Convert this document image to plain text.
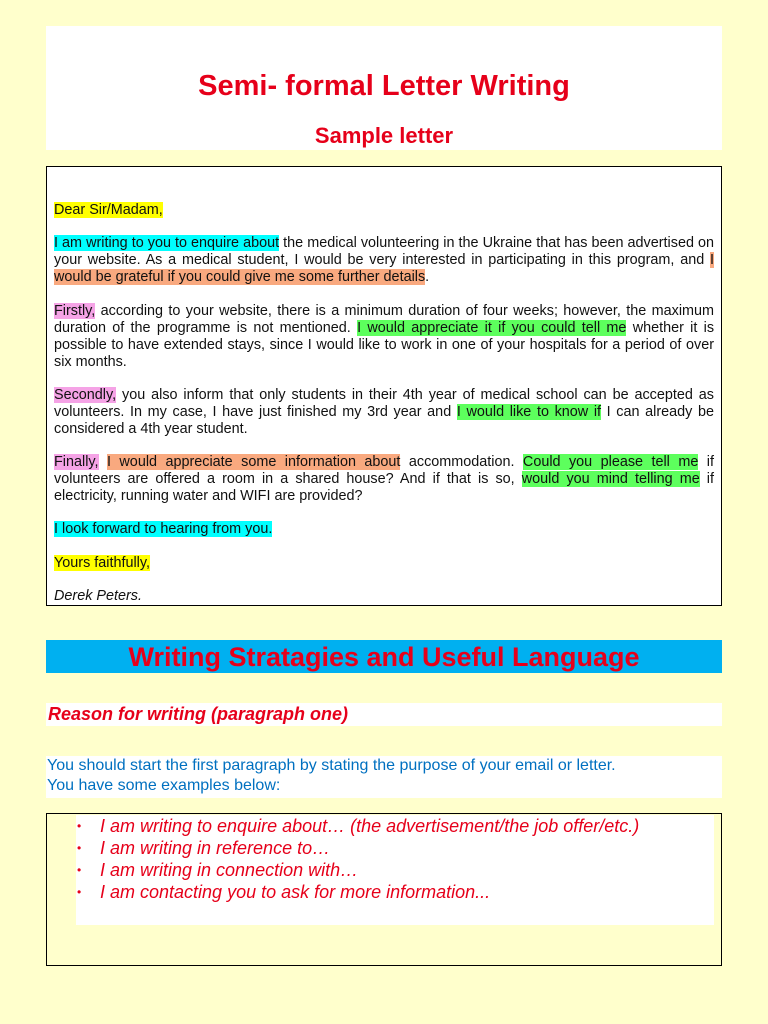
Semi- formal Letter Writing
Sample letter

Dear Sir/Madam,

I am writing to you to enquire about the medical volunteering in the Ukraine that has been advertised on your website. As a medical student, I would be very interested in participating in this program, and I would be grateful if you could give me some further details.

Firstly, according to your website, there is a minimum duration of four weeks; however, the maximum duration of the programme is not mentioned. I would appreciate it if you could tell me whether it is possible to have extended stays, since I would like to work in one of your hospitals for a period of over six months.

Secondly, you also inform that only students in their 4th year of medical school can be accepted as volunteers. In my case, I have just finished my 3rd year and I would like to know if I can already be considered a 4th year student.

Finally, I would appreciate some information about accommodation. Could you please tell me if volunteers are offered a room in a shared house? And if that is so, would you mind telling me if electricity, running water and WIFI are provided?

I look forward to hearing from you.

Yours faithfully,

Derek Peters.

Writing Stratagies and Useful Language
Reason for writing (paragraph one)
You should start the first paragraph by stating the purpose of your email or letter.
You have some examples below:
• I am writing to enquire about… (the advertisement/the job offer/etc.)
• I am writing in reference to…
• I am writing in connection with…
• I am contacting you to ask for more information...
